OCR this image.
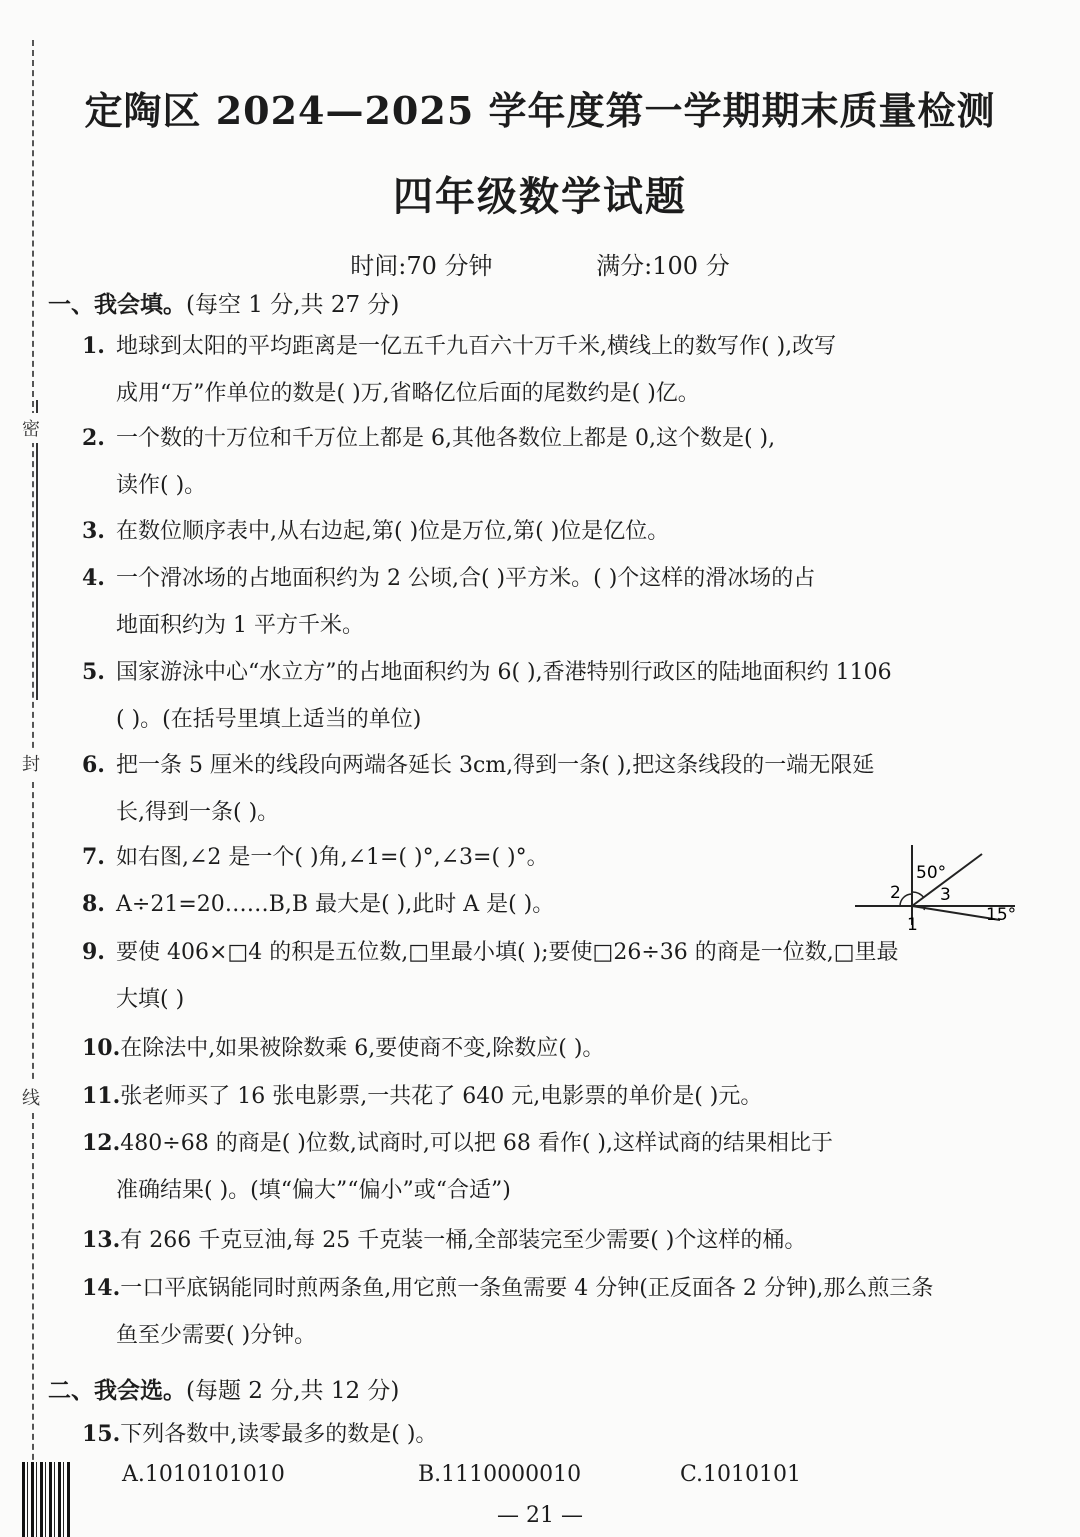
密
封
线
定陶区 2024—2025 学年度第一学期期末质量检测
四年级数学试题
时间:70 分钟	满分:100 分
一、我会填。(每空 1 分,共 27 分)
1. 地球到太阳的平均距离是一亿五千九百六十万千米,横线上的数写作( ),改写
成用“万”作单位的数是( )万,省略亿位后面的尾数约是( )亿。
2. 一个数的十万位和千万位上都是 6,其他各数位上都是 0,这个数是( ),
读作( )。
3. 在数位顺序表中,从右边起,第( )位是万位,第( )位是亿位。
4. 一个滑冰场的占地面积约为 2 公顷,合( )平方米。( )个这样的滑冰场的占
地面积约为 1 平方千米。
5. 国家游泳中心“水立方”的占地面积约为 6( ),香港特别行政区的陆地面积约 1106
( )。(在括号里填上适当的单位)
6. 把一条 5 厘米的线段向两端各延长 3cm,得到一条( ),把这条线段的一端无限延
长,得到一条( )。
7. 如右图,∠2 是一个( )角,∠1=( )°,∠3=( )°。
8. A÷21=20……B,B 最大是( ),此时 A 是( )。
50°
2 3
1	15°
9. 要使 406×□4 的积是五位数,□里最小填( );要使□26÷36 的商是一位数,□里最
大填( )
10.在除法中,如果被除数乘 6,要使商不变,除数应( )。
11.张老师买了 16 张电影票,一共花了 640 元,电影票的单价是( )元。
12.480÷68 的商是( )位数,试商时,可以把 68 看作( ),这样试商的结果相比于
准确结果( )。(填“偏大”“偏小”或“合适”)
13.有 266 千克豆油,每 25 千克装一桶,全部装完至少需要( )个这样的桶。
14.一口平底锅能同时煎两条鱼,用它煎一条鱼需要 4 分钟(正反面各 2 分钟),那么煎三条
鱼至少需要( )分钟。
二、我会选。(每题 2 分,共 12 分)
15.下列各数中,读零最多的数是( )。
A.1010101010	B.1110000010	C.1010101
— 21 —
